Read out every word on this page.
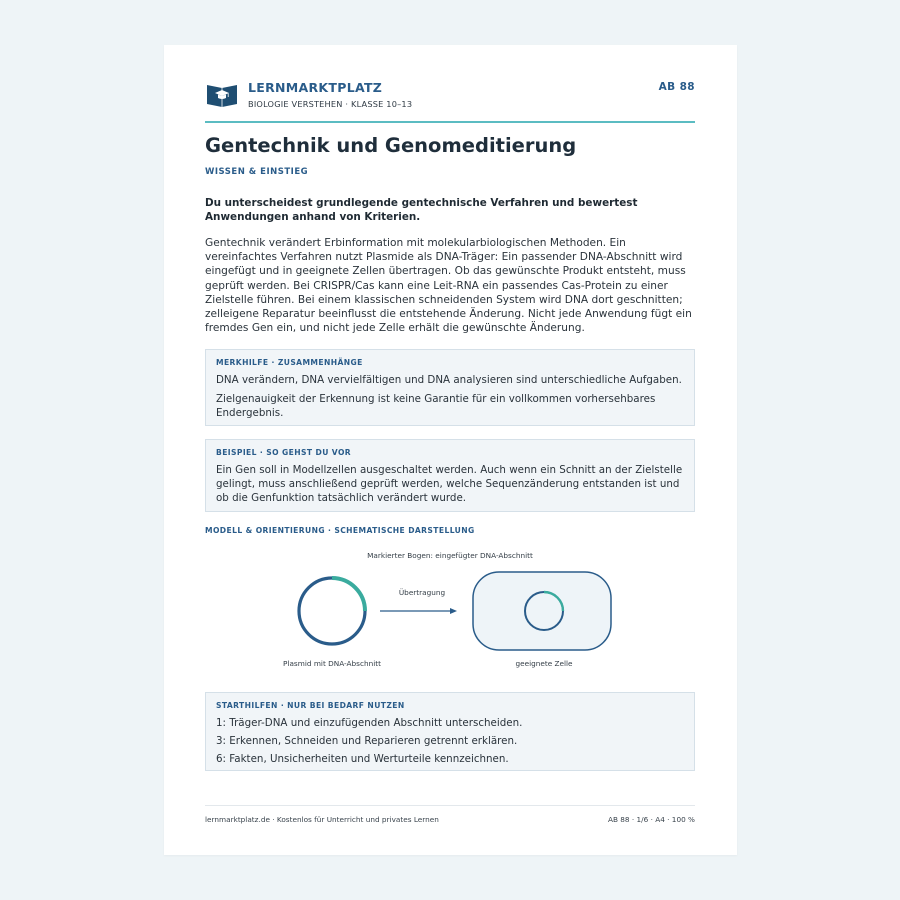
LERNMARKTPLATZ
BIOLOGIE VERSTEHEN · KLASSE 10–13
AB 88
Gentechnik und Genomeditierung
WISSEN & EINSTIEG
Du unterscheidest grundlegende gentechnische Verfahren und bewertest Anwendungen anhand von Kriterien.
Gentechnik verändert Erbinformation mit molekularbiologischen Methoden. Ein vereinfachtes Verfahren nutzt Plasmide als DNA-Träger: Ein passender DNA-Abschnitt wird eingefügt und in geeignete Zellen übertragen. Ob das gewünschte Produkt entsteht, muss geprüft werden. Bei CRISPR/Cas kann eine Leit-RNA ein passendes Cas-Protein zu einer Zielstelle führen. Bei einem klassischen schneidenden System wird DNA dort geschnitten; zelleigene Reparatur beeinflusst die entstehende Änderung. Nicht jede Anwendung fügt ein fremdes Gen ein, und nicht jede Zelle erhält die gewünschte Änderung.
MERKHILFE · ZUSAMMENHÄNGE

DNA verändern, DNA vervielfältigen und DNA analysieren sind unterschiedliche Aufgaben.

Zielgenauigkeit der Erkennung ist keine Garantie für ein vollkommen vorhersehbares Endergebnis.

BEISPIEL · SO GEHST DU VOR

Ein Gen soll in Modellzellen ausgeschaltet werden. Auch wenn ein Schnitt an der Zielstelle gelingt, muss anschließend geprüft werden, welche Sequenzänderung entstanden ist und ob die Genfunktion tatsächlich verändert wurde.

MODELL & ORIENTIERUNG · SCHEMATISCHE DARSTELLUNG
Markierter Bogen: eingefügter DNA-Abschnitt
Plasmid mit DNA-Abschnitt
Übertragung
geeignete Zelle
STARTHILFEN · NUR BEI BEDARF NUTZEN

1: Träger-DNA und einzufügenden Abschnitt unterscheiden.

3: Erkennen, Schneiden und Reparieren getrennt erklären.

6: Fakten, Unsicherheiten und Werturteile kennzeichnen.

lernmarktplatz.de · Kostenlos für Unterricht und privates Lernen	AB 88 · 1/6 · A4 · 100 %
